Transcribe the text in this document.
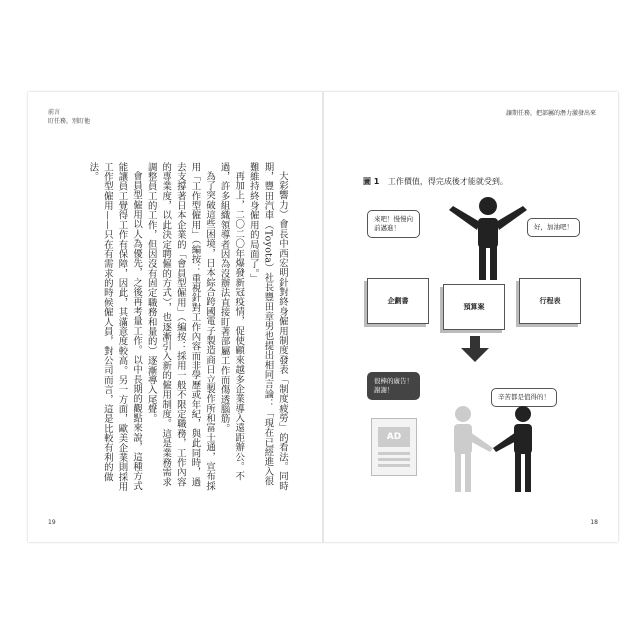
前言
盯任務，別盯他

大彩響力）會長中西宏明針對終身僱用制度發表「制度疲勞」的看法。同時期，豐田汽車（Toyota）社長豐田章男也提出相同言論：「現在已經進入很難維持終身僱用的局面了。」

再加上，二〇二〇年爆發新冠疫情，促使顧來越多企業導入遠距辦公。不過，許多組織領導者因為沒辦法直接盯著部屬工作而傷透腦筋。

為了突破這些困境，日本綜合跨國電子製造商日立製作所和富士通，宣布採用「工作型僱用」（編按：重視針對工作內容而非學歷或年紀，與此同時，過去支撐著日本企業的「會員型僱用」（編按：採用一般不限定職務，工作內容的專業度，以此決定聘僱的方式），也逐漸引入新的僱用制度。這是業務需求調整員工的工作，但因沒有固定職務和量的）逐漸導入尾聲。

會員型僱用以人為優先，之後再考量工作。以中長期的觀點來說，這種方式能讓員工覺得工作有保障，因此，其滿意度較高。另一方面，歐美企業則採用工作型僱用——只在有需求的時候僱人員，對公司而言，這是比較有利的做法。

19
讓期任務，把部屬的潛力激發出來
圖 1 工作價值，得完成後才能就受到。
來吧！慢慢向
前邁進！	好，加油吧！
企劃書
預算案
行程表
很棒的廣告！
謝謝！
辛苦都是值得的！
AD
18
